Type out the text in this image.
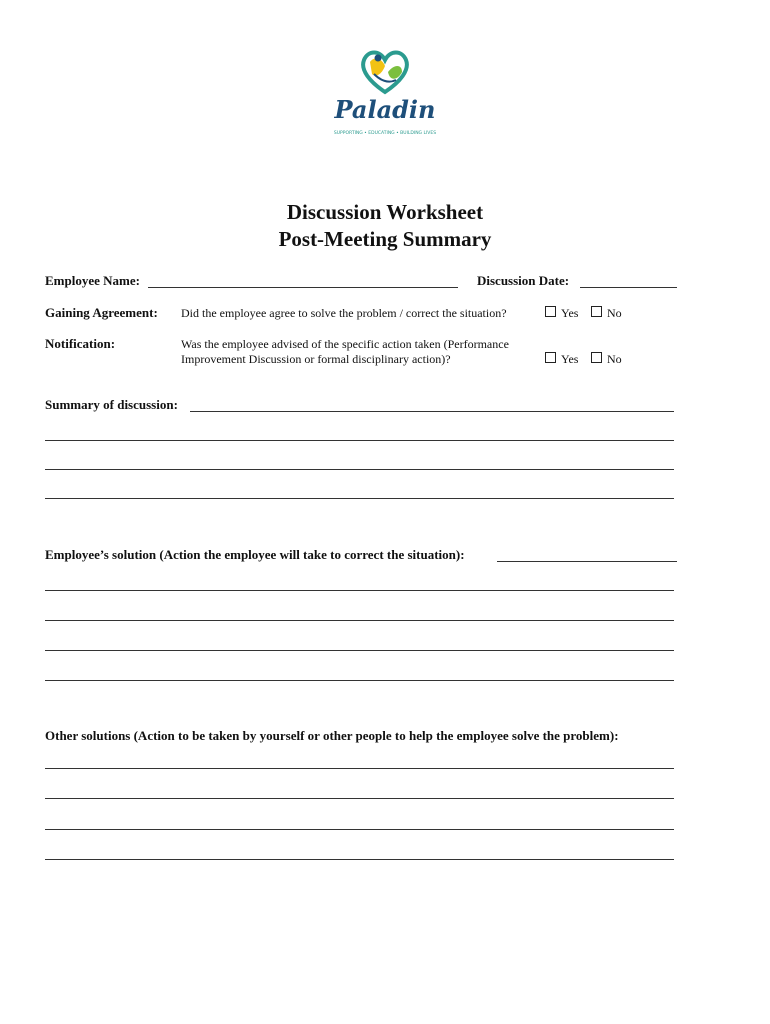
Paladin
SUPPORTING • EDUCATING • BUILDING LIVES
Discussion Worksheet
Post-Meeting Summary
Employee Name:	Discussion Date:
Gaining Agreement: Did the employee agree to solve the problem / correct the situation?	Yes No
Notification:	Was the employee advised of the specific action taken (Performance
Improvement Discussion or formal disciplinary action)?	Yes No
Summary of discussion:
Employee’s solution (Action the employee will take to correct the situation):
Other solutions (Action to be taken by yourself or other people to help the employee solve the problem):
